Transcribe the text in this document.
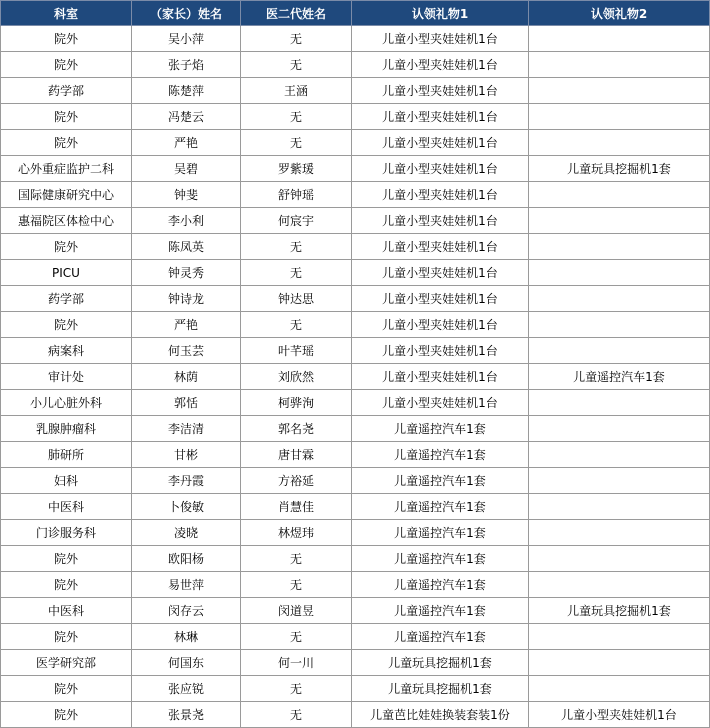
科室	（家长）姓名	医二代姓名	认领礼物1	认领礼物2
院外	吴小萍	无	儿童小型夹娃娃机1台	
院外	张子焰	无	儿童小型夹娃娃机1台	
药学部	陈楚萍	王涵	儿童小型夹娃娃机1台	
院外	冯楚云	无	儿童小型夹娃娃机1台	
院外	严艳	无	儿童小型夹娃娃机1台	
心外重症监护二科	吴碧	罗紫瑗	儿童小型夹娃娃机1台	儿童玩具挖掘机1套
国际健康研究中心	钟斐	舒钟瑶	儿童小型夹娃娃机1台	
惠福院区体检中心	李小利	何宸宇	儿童小型夹娃娃机1台	
院外	陈凤英	无	儿童小型夹娃娃机1台	
PICU	钟灵秀	无	儿童小型夹娃娃机1台	
药学部	钟诗龙	钟达思	儿童小型夹娃娃机1台	
院外	严艳	无	儿童小型夹娃娃机1台	
病案科	何玉芸	叶芊瑶	儿童小型夹娃娃机1台	
审计处	林荫	刘欣然	儿童小型夹娃娃机1台	儿童遥控汽车1套
小儿心脏外科	郭恬	柯骅洵	儿童小型夹娃娃机1台	
乳腺肿瘤科	李洁清	郭名尧	儿童遥控汽车1套	
肺研所	甘彬	唐甘霖	儿童遥控汽车1套	
妇科	李丹霞	方裕延	儿童遥控汽车1套	
中医科	卜俊敏	肖慧佳	儿童遥控汽车1套	
门诊服务科	凌晓	林煜玮	儿童遥控汽车1套	
院外	欧阳杨	无	儿童遥控汽车1套	
院外	易世萍	无	儿童遥控汽车1套	
中医科	闵存云	闵道昱	儿童遥控汽车1套	儿童玩具挖掘机1套
院外	林琳	无	儿童遥控汽车1套	
医学研究部	何国东	何一川	儿童玩具挖掘机1套	
院外	张应锐	无	儿童玩具挖掘机1套	
院外	张景尧	无	儿童芭比娃娃换装套装1份	儿童小型夹娃娃机1台
